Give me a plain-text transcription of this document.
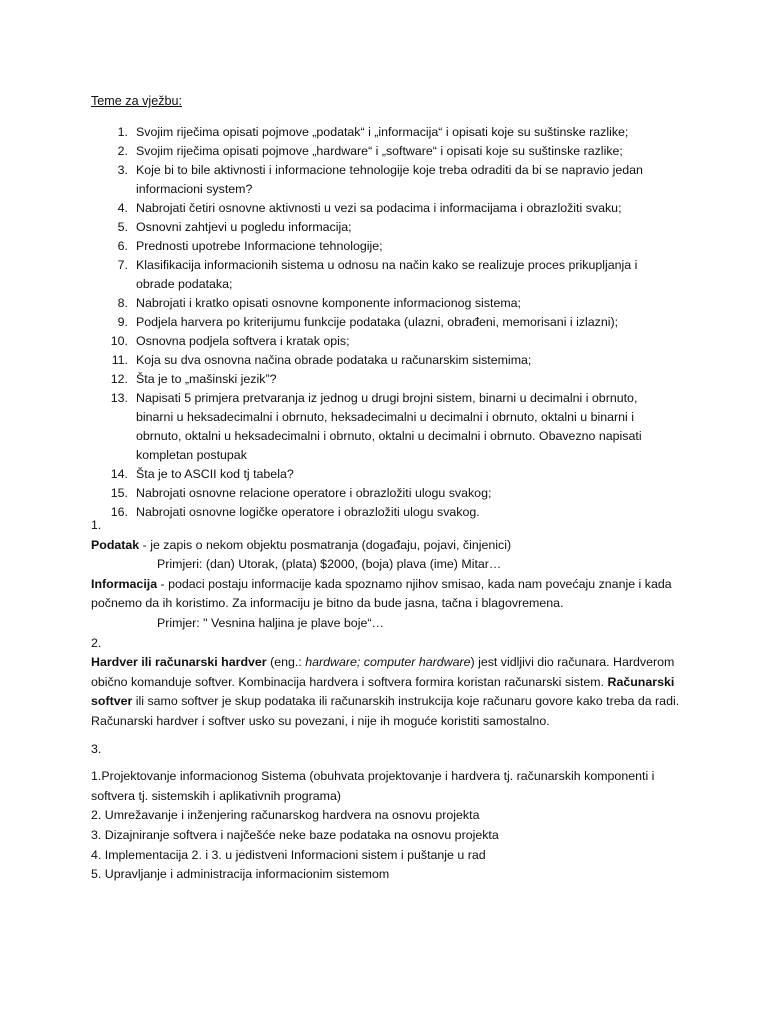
Teme za vježbu:
1. Svojim riječima opisati pojmove „podatak“ i „informacija“ i opisati koje su suštinske razlike;
2. Svojim riječima opisati pojmove „hardware“ i „software“ i opisati koje su suštinske razlike;
3. Koje bi to bile aktivnosti i informacione tehnologije koje treba odraditi da bi se napravio jedan informacioni system?
4. Nabrojati četiri osnovne aktivnosti u vezi sa podacima i informacijama i obrazložiti svaku;
5. Osnovni zahtjevi u pogledu informacija;
6. Prednosti upotrebe Informacione tehnologije;
7. Klasifikacija informacionih sistema u odnosu na način kako se realizuje proces prikupljanja i obrade podataka;
8. Nabrojati i kratko opisati osnovne komponente informacionog sistema;
9. Podjela harvera po kriterijumu funkcije podataka (ulazni, obrađeni, memorisani i izlazni);
10. Osnovna podjela softvera i kratak opis;
11. Koja su dva osnovna načina obrade podataka u računarskim sistemima;
12. Šta je to „mašinski jezik”?
13. Napisati 5 primjera pretvaranja iz jednog u drugi brojni sistem, binarni u decimalni i obrnuto, binarni u heksadecimalni i obrnuto, heksadecimalni u decimalni i obrnuto, oktalni u binarni i obrnuto, oktalni u heksadecimalni i obrnuto, oktalni u decimalni i obrnuto. Obavezno napisati kompletan postupak
14. Šta je to ASCII kod tj tabela?
15. Nabrojati osnovne relacione operatore i obrazložiti ulogu svakog;
16. Nabrojati osnovne logičke operatore i obrazložiti ulogu svakog.

1.

Podatak - je zapis o nekom objektu posmatranja (događaju, pojavi, činjenici)

Primjeri: (dan) Utorak, (plata) $2000, (boja) plava (ime) Mitar…

Informacija - podaci postaju informacije kada spoznamo njihov smisao, kada nam povećaju znanje i kada počnemo da ih koristimo. Za informaciju je bitno da bude jasna, tačna i blagovremena.

Primjer: " Vesnina haljina je plave boje“…

2.

Hardver ili računarski hardver (eng.: hardware; computer hardware) jest vidljivi dio računara. Hardverom obično komanduje softver. Kombinacija hardvera i softvera formira koristan računarski sistem. Računarski softver ili samo softver je skup podataka ili računarskih instrukcija koje računaru govore kako treba da radi. Računarski hardver i softver usko su povezani, i nije ih moguće koristiti samostalno.

3.

1.Projektovanje informacionog Sistema (obuhvata projektovanje i hardvera tj. računarskih komponenti i softvera tj. sistemskih i aplikativnih programa)

2. Umrežavanje i inženjering računarskog hardvera na osnovu projekta

3. Dizajniranje softvera i najčešće neke baze podataka na osnovu projekta

4. Implementacija 2. i 3. u jedistveni Informacioni sistem i puštanje u rad

5. Upravljanje i administracija informacionim sistemom
